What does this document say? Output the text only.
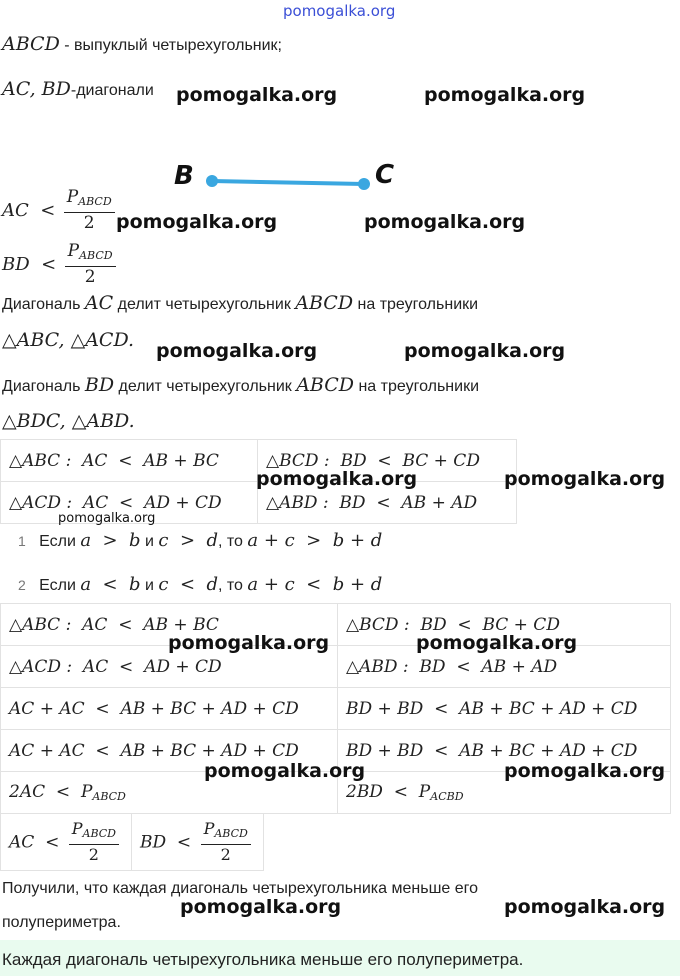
pomogalka.org
ABCD - выпуклый четырехугольник;
AC, BD-диагонали pomogalka.org	pomogalka.org
B	C
AC  < $\frac{P_{ABCD}}{2}$ pomogalka.org	pomogalka.org
BD  < $\frac{P_{ABCD}}{2}$
Диагональ AC делит четырехугольник ABCD на треугольники
△ABC, △ACD. pomogalka.org	pomogalka.org
Диагональ BD делит четырехугольник ABCD на треугольники
△BDC, △ABD.
△ABC :  AC  <  AB + BC	△BCD :  BD  <  BC + CD
△ACD :  AC  <  AD + CD	△ABD :  BD  <  AB + AD
pomogalka.org	pomogalka.org
pomogalka.org
1 Если a  >  b и c  >  d, то a + c  >  b + d
2 Если a  <  b и c  <  d, то a + c  <  b + d
△ABC :  AC  <  AB + BC	△BCD :  BD  <  BC + CD
△ACD :  AC  <  AD + CD	△ABD :  BD  <  AB + AD
AC + AC  <  AB + BC + AD + CD	BD + BD  <  AB + BC + AD + CD
AC + AC  <  AB + BC + AD + CD	BD + BD  <  AB + BC + AD + CD
$2AC < P_{ABCD}$	$2BD < P_{ACBD}$
pomogalka.org	pomogalka.org
pomogalka.org	pomogalka.org
AC  < $\frac{P_{ABCD}}{2}$	BD  < $\frac{P_{ABCD}}{2}$
Получили, что каждая диагональ четырехугольника меньше его
полупериметра.
pomogalka.org	pomogalka.org
Каждая диагональ четырехугольника меньше его полупериметра.
